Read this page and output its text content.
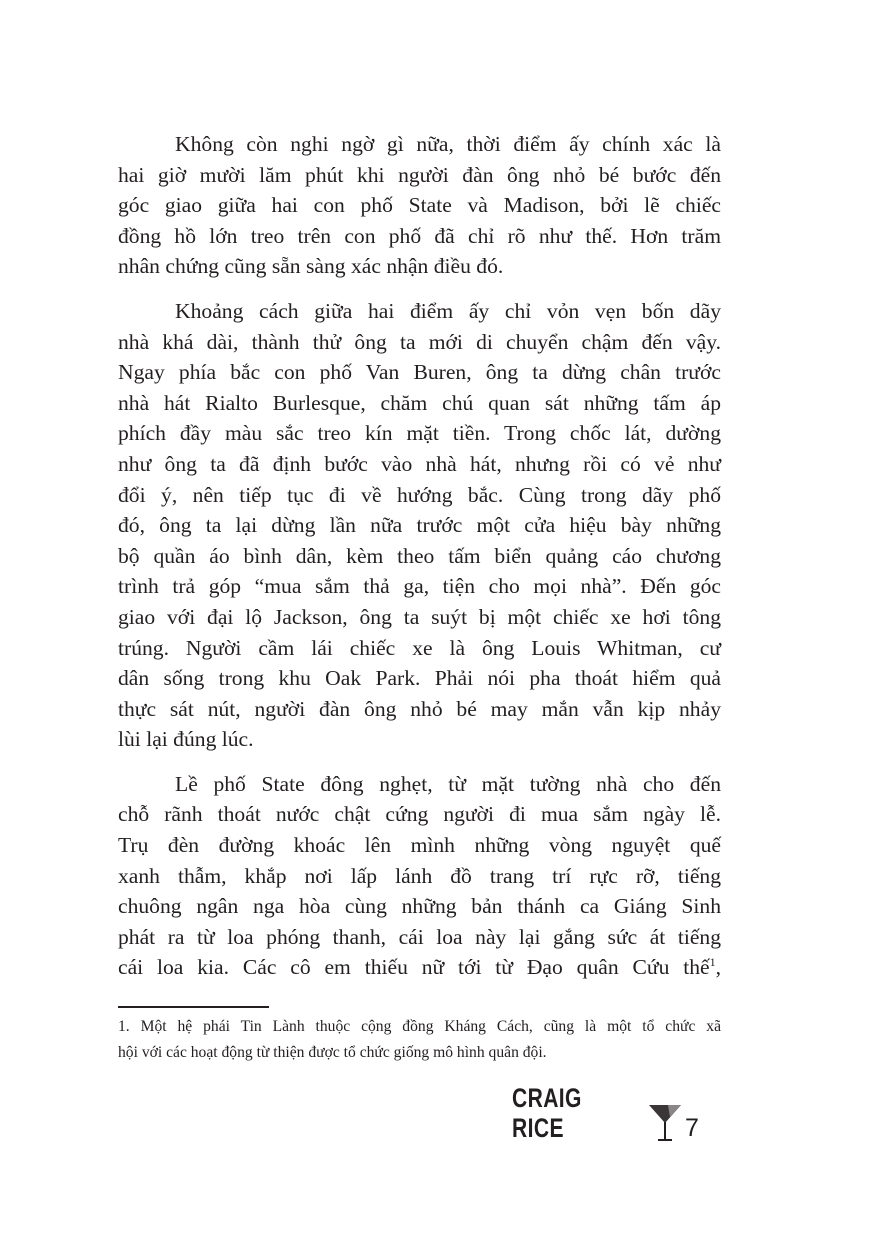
Không còn nghi ngờ gì nữa, thời điểm ấy chính xác là
hai giờ mười lăm phút khi người đàn ông nhỏ bé bước đến
góc giao giữa hai con phố State và Madison, bởi lẽ chiếc
đồng hồ lớn treo trên con phố đã chỉ rõ như thế. Hơn trăm
nhân chứng cũng sẵn sàng xác nhận điều đó.
Khoảng cách giữa hai điểm ấy chỉ vỏn vẹn bốn dãy
nhà khá dài, thành thử ông ta mới di chuyển chậm đến vậy.
Ngay phía bắc con phố Van Buren, ông ta dừng chân trước
nhà hát Rialto Burlesque, chăm chú quan sát những tấm áp
phích đầy màu sắc treo kín mặt tiền. Trong chốc lát, dường
như ông ta đã định bước vào nhà hát, nhưng rồi có vẻ như
đổi ý, nên tiếp tục đi về hướng bắc. Cùng trong dãy phố
đó, ông ta lại dừng lần nữa trước một cửa hiệu bày những
bộ quần áo bình dân, kèm theo tấm biển quảng cáo chương
trình trả góp “mua sắm thả ga, tiện cho mọi nhà”. Đến góc
giao với đại lộ Jackson, ông ta suýt bị một chiếc xe hơi tông
trúng. Người cầm lái chiếc xe là ông Louis Whitman, cư
dân sống trong khu Oak Park. Phải nói pha thoát hiểm quả
thực sát nút, người đàn ông nhỏ bé may mắn vẫn kịp nhảy
lùi lại đúng lúc.
Lề phố State đông nghẹt, từ mặt tường nhà cho đến
chỗ rãnh thoát nước chật cứng người đi mua sắm ngày lễ.
Trụ đèn đường khoác lên mình những vòng nguyệt quế
xanh thẫm, khắp nơi lấp lánh đồ trang trí rực rỡ, tiếng
chuông ngân nga hòa cùng những bản thánh ca Giáng Sinh
phát ra từ loa phóng thanh, cái loa này lại gắng sức át tiếng
cái loa kia. Các cô em thiếu nữ tới từ Đạo quân Cứu thế$^1$,
1. Một hệ phái Tin Lành thuộc cộng đồng Kháng Cách, cũng là một tổ chức xã
hội với các hoạt động từ thiện được tổ chức giống mô hình quân đội.
CRAIG RICE	7
